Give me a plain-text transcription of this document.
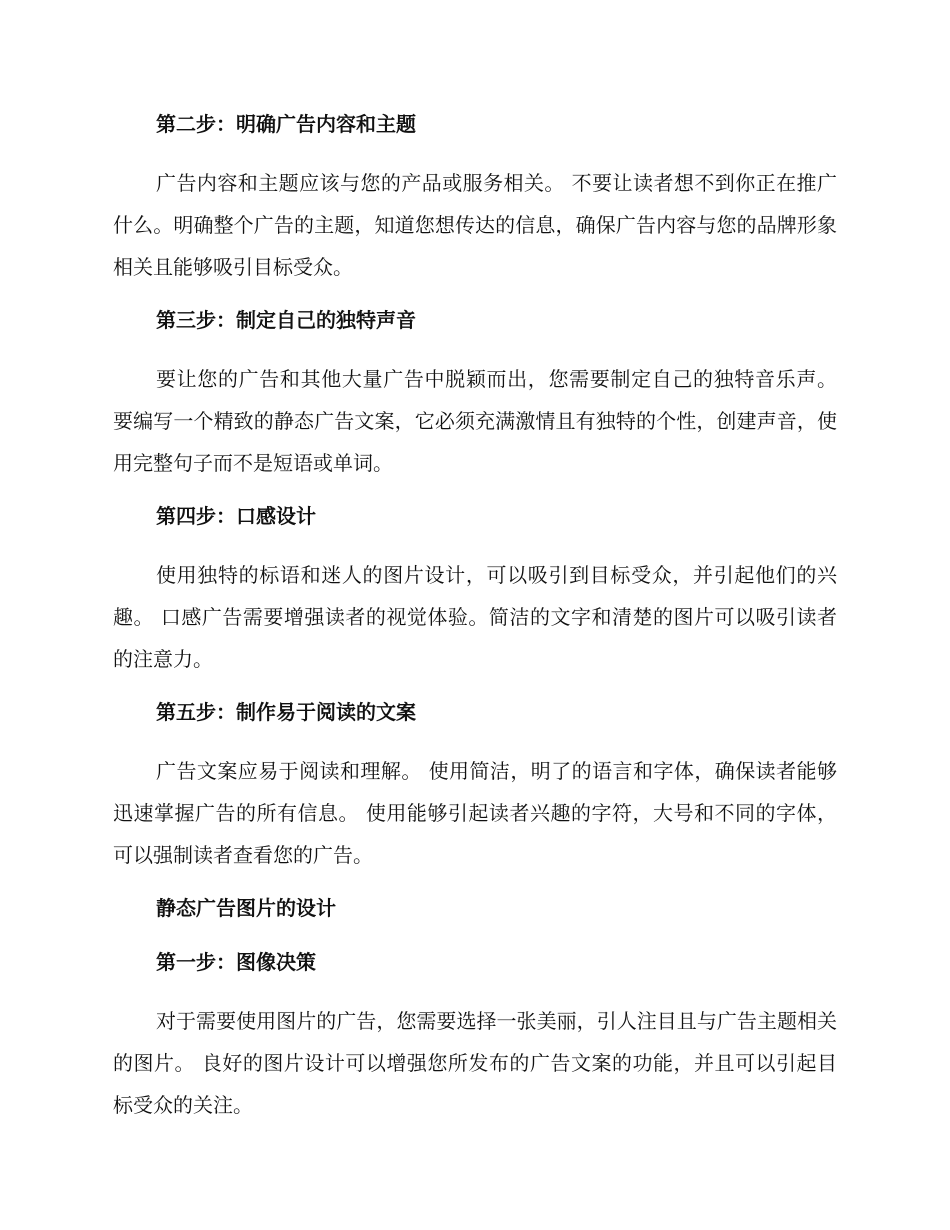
第二步：明确广告内容和主题
广告内容和主题应该与您的产品或服务相关。 不要让读者想不到你正在推广什么。明确整个广告的主题，知道您想传达的信息，确保广告内容与您的品牌形象相关且能够吸引目标受众。
第三步：制定自己的独特声音
要让您的广告和其他大量广告中脱颖而出，您需要制定自己的独特音乐声。 要编写一个精致的静态广告文案，它必须充满激情且有独特的个性，创建声音，使用完整句子而不是短语或单词。
第四步：口感设计
使用独特的标语和迷人的图片设计，可以吸引到目标受众，并引起他们的兴趣。 口感广告需要增强读者的视觉体验。简洁的文字和清楚的图片可以吸引读者的注意力。
第五步：制作易于阅读的文案
广告文案应易于阅读和理解。 使用简洁，明了的语言和字体，确保读者能够迅速掌握广告的所有信息。 使用能够引起读者兴趣的字符，大号和不同的字体，可以强制读者查看您的广告。
静态广告图片的设计
第一步：图像决策
对于需要使用图片的广告，您需要选择一张美丽，引人注目且与广告主题相关的图片。 良好的图片设计可以增强您所发布的广告文案的功能，并且可以引起目标受众的关注。
